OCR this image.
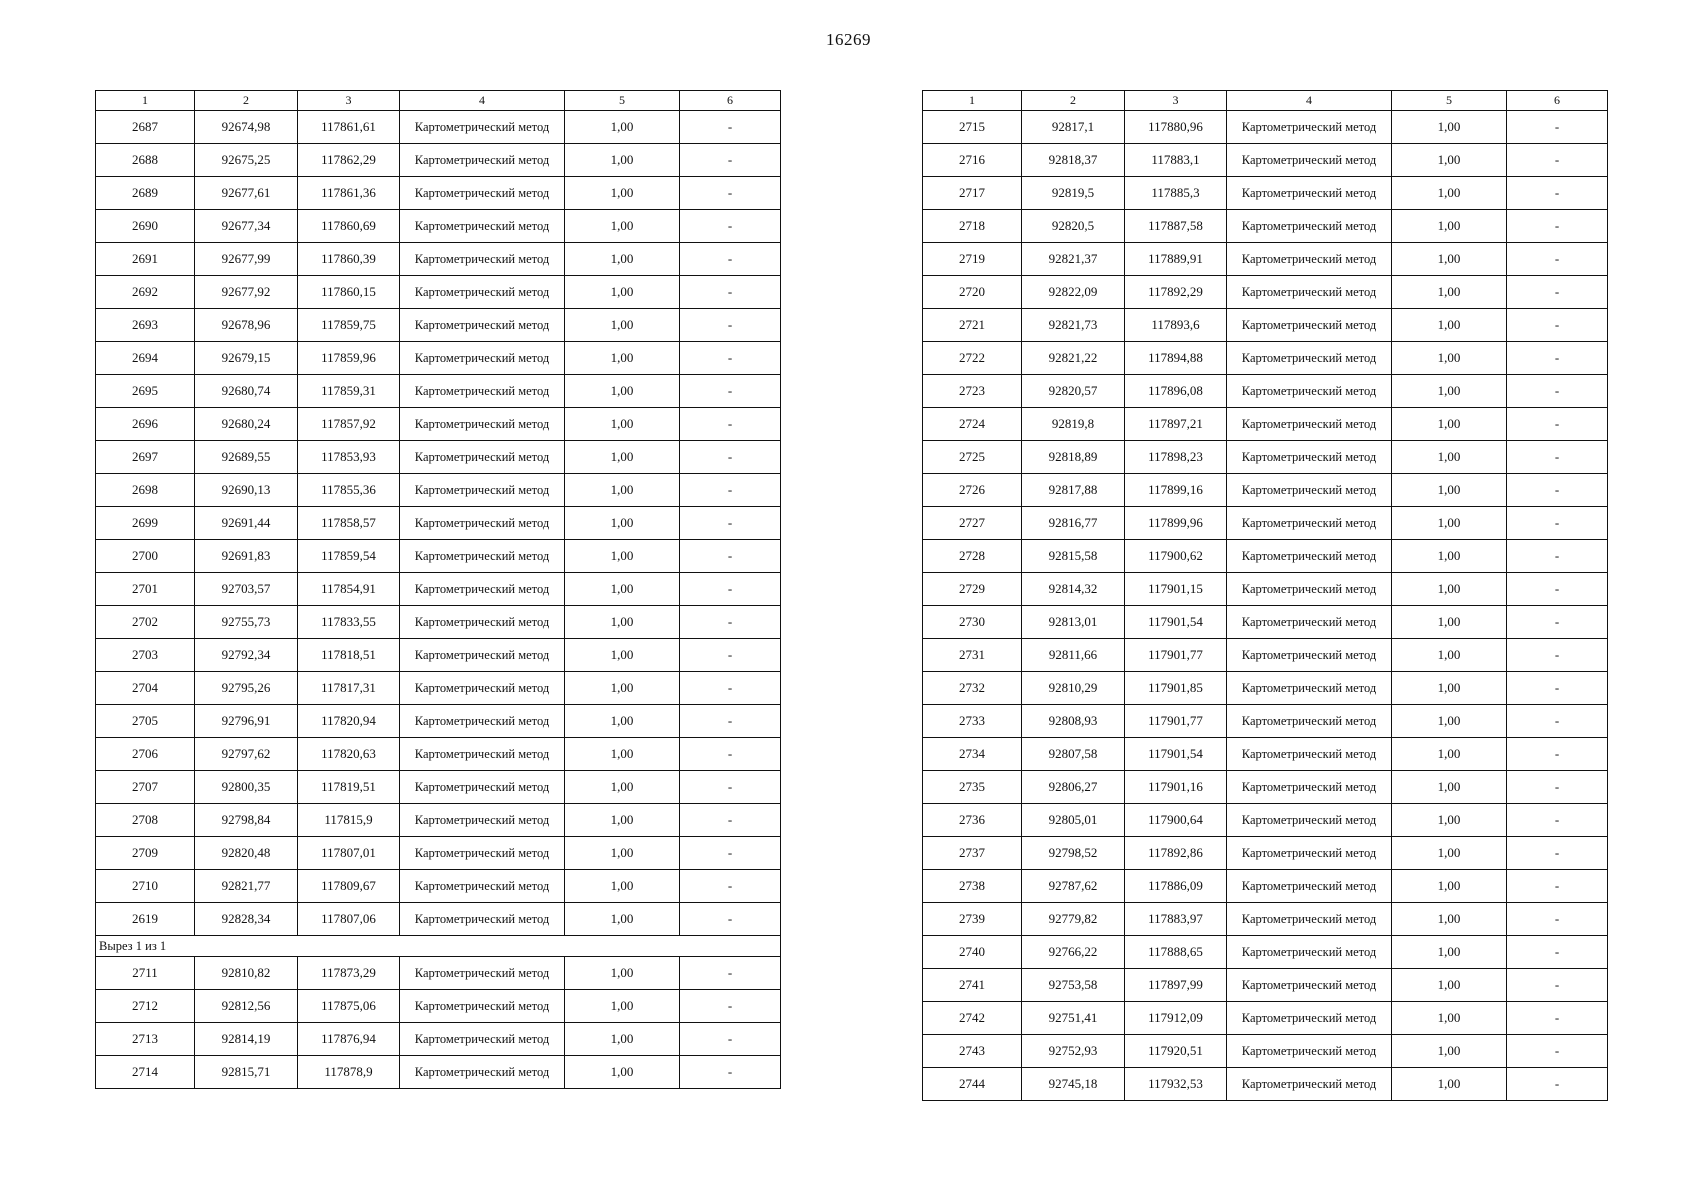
16269
1	2	3	4	5	6
2687	92674,98	117861,61	Картометрический метод	1,00	-
2688	92675,25	117862,29	Картометрический метод	1,00	-
2689	92677,61	117861,36	Картометрический метод	1,00	-
2690	92677,34	117860,69	Картометрический метод	1,00	-
2691	92677,99	117860,39	Картометрический метод	1,00	-
2692	92677,92	117860,15	Картометрический метод	1,00	-
2693	92678,96	117859,75	Картометрический метод	1,00	-
2694	92679,15	117859,96	Картометрический метод	1,00	-
2695	92680,74	117859,31	Картометрический метод	1,00	-
2696	92680,24	117857,92	Картометрический метод	1,00	-
2697	92689,55	117853,93	Картометрический метод	1,00	-
2698	92690,13	117855,36	Картометрический метод	1,00	-
2699	92691,44	117858,57	Картометрический метод	1,00	-
2700	92691,83	117859,54	Картометрический метод	1,00	-
2701	92703,57	117854,91	Картометрический метод	1,00	-
2702	92755,73	117833,55	Картометрический метод	1,00	-
2703	92792,34	117818,51	Картометрический метод	1,00	-
2704	92795,26	117817,31	Картометрический метод	1,00	-
2705	92796,91	117820,94	Картометрический метод	1,00	-
2706	92797,62	117820,63	Картометрический метод	1,00	-
2707	92800,35	117819,51	Картометрический метод	1,00	-
2708	92798,84	117815,9	Картометрический метод	1,00	-
2709	92820,48	117807,01	Картометрический метод	1,00	-
2710	92821,77	117809,67	Картометрический метод	1,00	-
2619	92828,34	117807,06	Картометрический метод	1,00	-
Вырез 1 из 1					
2711	92810,82	117873,29	Картометрический метод	1,00	-
2712	92812,56	117875,06	Картометрический метод	1,00	-
2713	92814,19	117876,94	Картометрический метод	1,00	-
2714	92815,71	117878,9	Картометрический метод	1,00	-
1	2	3	4	5	6
2715	92817,1	117880,96	Картометрический метод	1,00	-
2716	92818,37	117883,1	Картометрический метод	1,00	-
2717	92819,5	117885,3	Картометрический метод	1,00	-
2718	92820,5	117887,58	Картометрический метод	1,00	-
2719	92821,37	117889,91	Картометрический метод	1,00	-
2720	92822,09	117892,29	Картометрический метод	1,00	-
2721	92821,73	117893,6	Картометрический метод	1,00	-
2722	92821,22	117894,88	Картометрический метод	1,00	-
2723	92820,57	117896,08	Картометрический метод	1,00	-
2724	92819,8	117897,21	Картометрический метод	1,00	-
2725	92818,89	117898,23	Картометрический метод	1,00	-
2726	92817,88	117899,16	Картометрический метод	1,00	-
2727	92816,77	117899,96	Картометрический метод	1,00	-
2728	92815,58	117900,62	Картометрический метод	1,00	-
2729	92814,32	117901,15	Картометрический метод	1,00	-
2730	92813,01	117901,54	Картометрический метод	1,00	-
2731	92811,66	117901,77	Картометрический метод	1,00	-
2732	92810,29	117901,85	Картометрический метод	1,00	-
2733	92808,93	117901,77	Картометрический метод	1,00	-
2734	92807,58	117901,54	Картометрический метод	1,00	-
2735	92806,27	117901,16	Картометрический метод	1,00	-
2736	92805,01	117900,64	Картометрический метод	1,00	-
2737	92798,52	117892,86	Картометрический метод	1,00	-
2738	92787,62	117886,09	Картометрический метод	1,00	-
2739	92779,82	117883,97	Картометрический метод	1,00	-
2740	92766,22	117888,65	Картометрический метод	1,00	-
2741	92753,58	117897,99	Картометрический метод	1,00	-
2742	92751,41	117912,09	Картометрический метод	1,00	-
2743	92752,93	117920,51	Картометрический метод	1,00	-
2744	92745,18	117932,53	Картометрический метод	1,00	-
